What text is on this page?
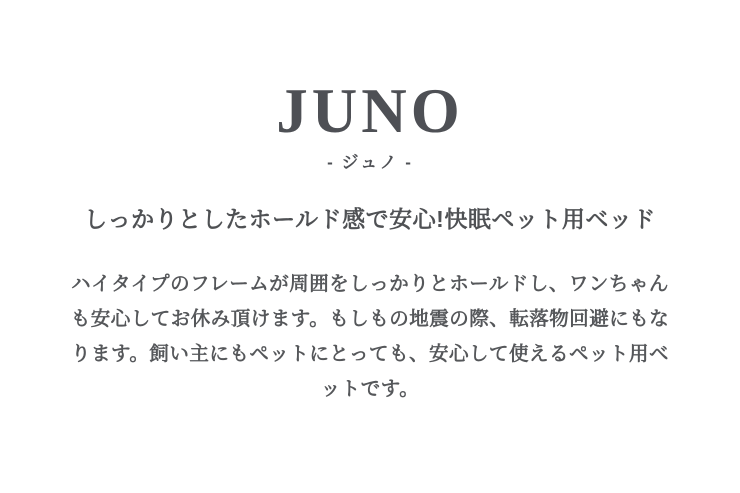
JUNO
- ジュノ -
しっかりとしたホールド感で安心!快眠ペット用ベッド

ハイタイプのフレームが周囲をしっかりとホールドし、ワンちゃんも安心してお休み頂けます。もしもの地震の際、転落物回避にもなります。飼い主にもペットにとっても、安心して使えるペット用ベットです。
